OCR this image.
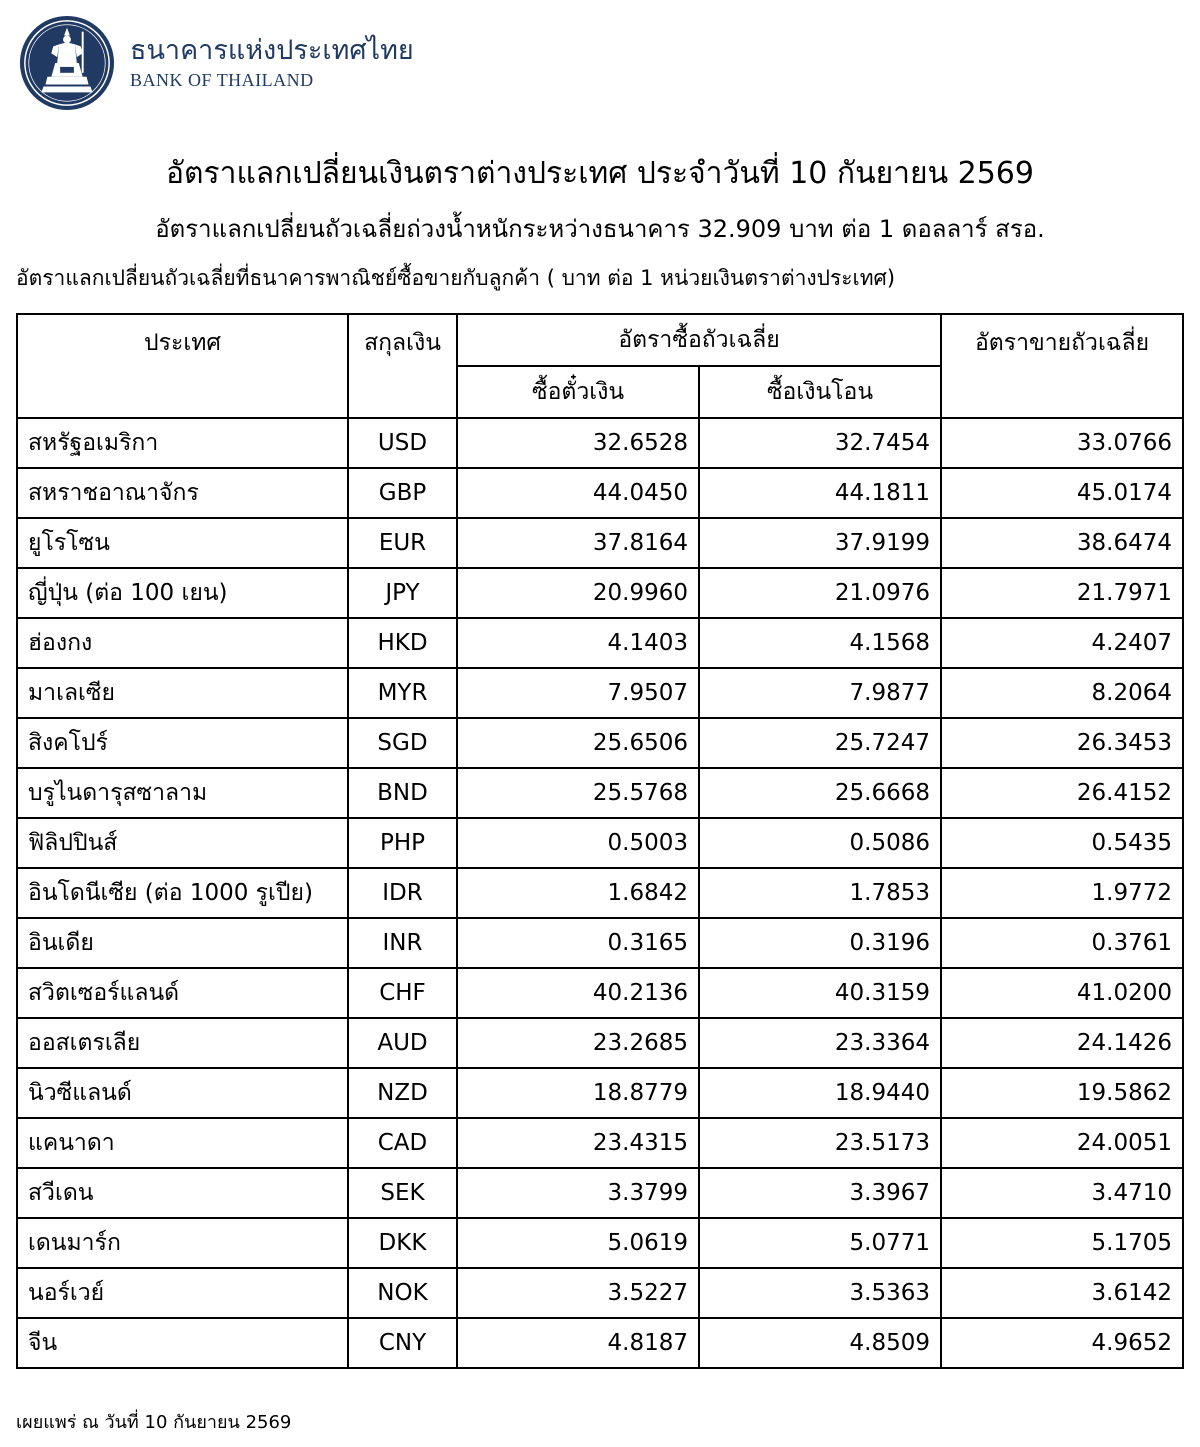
ธนาคารแห่งประเทศไทย
BANK OF THAILAND
อัตราแลกเปลี่ยนเงินตราต่างประเทศ ประจำวันที่ 10 กันยายน 2569
อัตราแลกเปลี่ยนถัวเฉลี่ยถ่วงน้ำหนักระหว่างธนาคาร 32.909 บาท ต่อ 1 ดอลลาร์ สรอ.
อัตราแลกเปลี่ยนถัวเฉลี่ยที่ธนาคารพาณิชย์ซื้อขายกับลูกค้า ( บาท ต่อ 1 หน่วยเงินตราต่างประเทศ)
ประเทศ	สกุลเงิน	อัตราซื้อถัวเฉลี่ย		อัตราขายถัวเฉลี่ย
		ซื้อตั๋วเงิน	ซื้อเงินโอน	
สหรัฐอเมริกา	USD	32.6528	32.7454	33.0766
สหราชอาณาจักร	GBP	44.0450	44.1811	45.0174
ยูโรโซน	EUR	37.8164	37.9199	38.6474
ญี่ปุ่น (ต่อ 100 เยน)	JPY	20.9960	21.0976	21.7971
ฮ่องกง	HKD	4.1403	4.1568	4.2407
มาเลเซีย	MYR	7.9507	7.9877	8.2064
สิงคโปร์	SGD	25.6506	25.7247	26.3453
บรูไนดารุสซาลาม	BND	25.5768	25.6668	26.4152
ฟิลิปปินส์	PHP	0.5003	0.5086	0.5435
อินโดนีเซีย (ต่อ 1000 รูเปีย)	IDR	1.6842	1.7853	1.9772
อินเดีย	INR	0.3165	0.3196	0.3761
สวิตเซอร์แลนด์	CHF	40.2136	40.3159	41.0200
ออสเตรเลีย	AUD	23.2685	23.3364	24.1426
นิวซีแลนด์	NZD	18.8779	18.9440	19.5862
แคนาดา	CAD	23.4315	23.5173	24.0051
สวีเดน	SEK	3.3799	3.3967	3.4710
เดนมาร์ก	DKK	5.0619	5.0771	5.1705
นอร์เวย์	NOK	3.5227	3.5363	3.6142
จีน	CNY	4.8187	4.8509	4.9652
เผยแพร่ ณ วันที่ 10 กันยายน 2569
